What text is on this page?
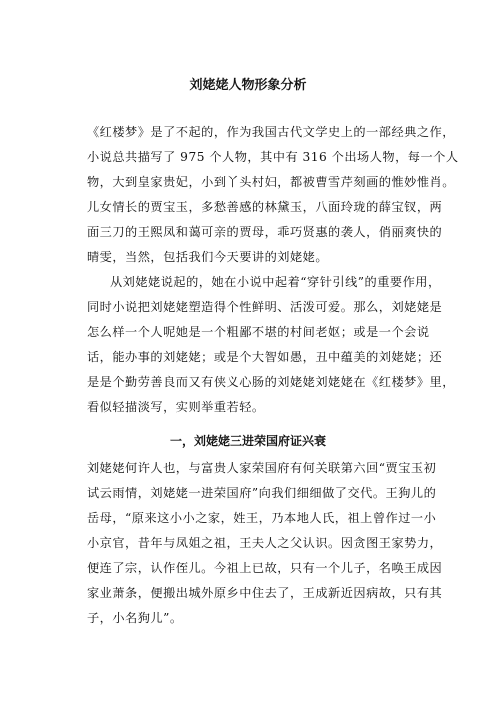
刘姥姥人物形象分析
《红楼梦》是了不起的，作为我国古代文学史上的一部经典之作，
小说总共描写了 975 个人物，其中有 316 个出场人物，每一个人
物，大到皇家贵妃，小到丫头村妇，都被曹雪芹刻画的惟妙惟肖。
儿女情长的贾宝玉，多愁善感的林黛玉，八面玲珑的薛宝钗，两
面三刀的王熙凤和蔼可亲的贾母，乖巧贤惠的袭人，俏丽爽快的
晴雯，当然，包括我们今天要讲的刘姥姥。
从刘姥姥说起的，她在小说中起着“穿针引线”的重要作用，
同时小说把刘姥姥塑造得个性鲜明、活泼可爱。那么，刘姥姥是
怎么样一个人呢她是一个粗鄙不堪的村间老妪；或是一个会说
话，能办事的刘姥姥；或是个大智如愚，丑中蕴美的刘姥姥；还
是是个勤劳善良而又有侠义心肠的刘姥姥刘姥姥在《红楼梦》里，
看似轻描淡写，实则举重若轻。
一，刘姥姥三进荣国府证兴衰
刘姥姥何许人也，与富贵人家荣国府有何关联第六回“贾宝玉初
试云雨情，刘姥姥一进荣国府”向我们细细做了交代。王狗儿的
岳母，“原来这小小之家，姓王，乃本地人氏，祖上曾作过一小
小京官，昔年与凤姐之祖，王夫人之父认识。因贪图王家势力，
便连了宗，认作侄儿。今祖上已故，只有一个儿子，名唤王成因
家业萧条，便搬出城外原乡中住去了，王成新近因病故，只有其
子，小名狗儿”。
